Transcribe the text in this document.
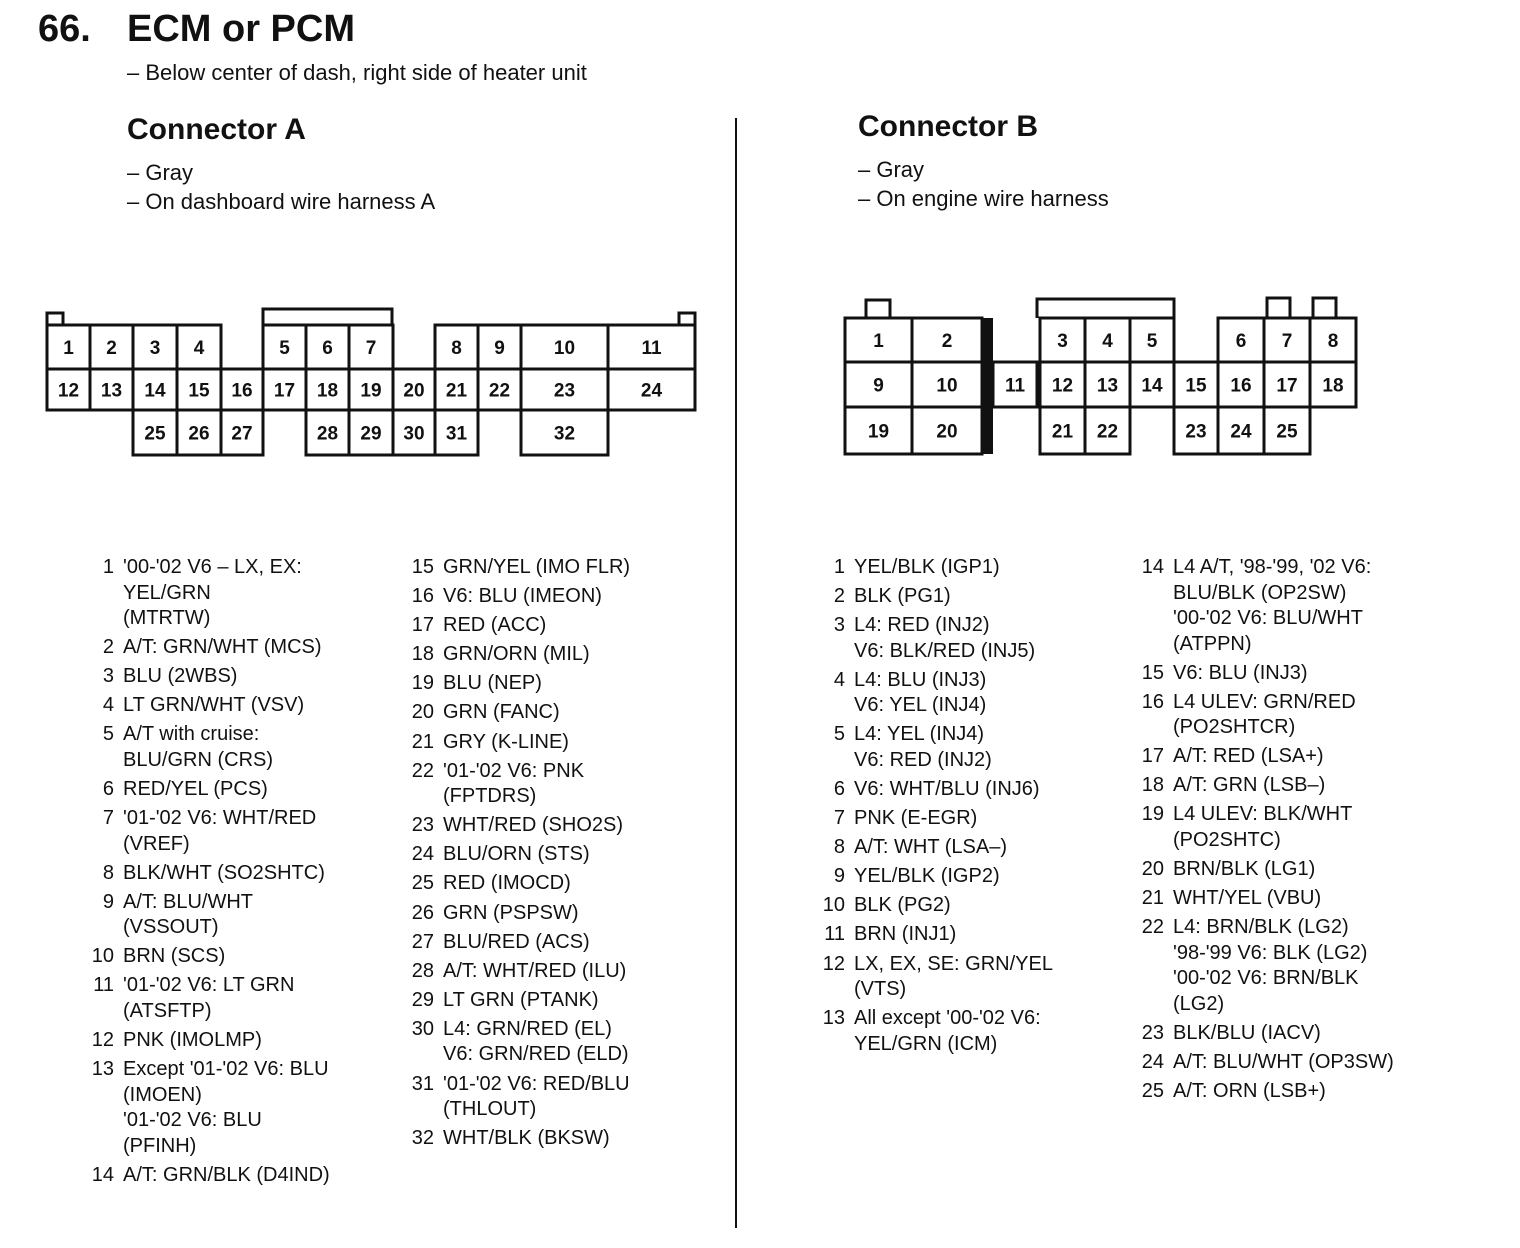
66. ECM or PCM
– Below center of dash, right side of heater unit
Connector A
– Gray
– On dashboard wire harness A
Connector B
– Gray
– On engine wire harness
1 2 3 4	5 6 7	8 9	10	11
12 13 14 15 16 17 18 19 20 21 22 23	24
25 26 27	28 29 30 31	32
1	2	3 4 5	6 7 8
9	10 11 12 13 14 15 16 17 18
19 20	21 22	23 24 25
1 '00-'02 V6 – LX, EX:
YEL/GRN
(MTRTW)
2 A/T: GRN/WHT (MCS)
3 BLU (2WBS)
4 LT GRN/WHT (VSV)
5 A/T with cruise:
BLU/GRN (CRS)
6 RED/YEL (PCS)
7 '01-'02 V6: WHT/RED
(VREF)
8 BLK/WHT (SO2SHTC)
9 A/T: BLU/WHT
(VSSOUT)
10 BRN (SCS)
11 '01-'02 V6: LT GRN
(ATSFTP)
12 PNK (IMOLMP)
13 Except '01-'02 V6: BLU
(IMOEN)
'01-'02 V6: BLU
(PFINH)
14 A/T: GRN/BLK (D4IND)
15 GRN/YEL (IMO FLR)
16 V6: BLU (IMEON)
17 RED (ACC)
18 GRN/ORN (MIL)
19 BLU (NEP)
20 GRN (FANC)
21 GRY (K-LINE)
22 '01-'02 V6: PNK
(FPTDRS)
23 WHT/RED (SHO2S)
24 BLU/ORN (STS)
25 RED (IMOCD)
26 GRN (PSPSW)
27 BLU/RED (ACS)
28 A/T: WHT/RED (ILU)
29 LT GRN (PTANK)
30 L4: GRN/RED (EL)
V6: GRN/RED (ELD)
31 '01-'02 V6: RED/BLU
(THLOUT)
32 WHT/BLK (BKSW)
1 YEL/BLK (IGP1)
2 BLK (PG1)
3 L4: RED (INJ2)
V6: BLK/RED (INJ5)
4 L4: BLU (INJ3)
V6: YEL (INJ4)
5 L4: YEL (INJ4)
V6: RED (INJ2)
6 V6: WHT/BLU (INJ6)
7 PNK (E-EGR)
8 A/T: WHT (LSA–)
9 YEL/BLK (IGP2)
10 BLK (PG2)
11 BRN (INJ1)
12 LX, EX, SE: GRN/YEL
(VTS)
13 All except '00-'02 V6:
YEL/GRN (ICM)
14 L4 A/T, '98-'99, '02 V6:
BLU/BLK (OP2SW)
'00-'02 V6: BLU/WHT
(ATPPN)
15 V6: BLU (INJ3)
16 L4 ULEV: GRN/RED
(PO2SHTCR)
17 A/T: RED (LSA+)
18 A/T: GRN (LSB–)
19 L4 ULEV: BLK/WHT
(PO2SHTC)
20 BRN/BLK (LG1)
21 WHT/YEL (VBU)
22 L4: BRN/BLK (LG2)
'98-'99 V6: BLK (LG2)
'00-'02 V6: BRN/BLK
(LG2)
23 BLK/BLU (IACV)
24 A/T: BLU/WHT (OP3SW)
25 A/T: ORN (LSB+)
